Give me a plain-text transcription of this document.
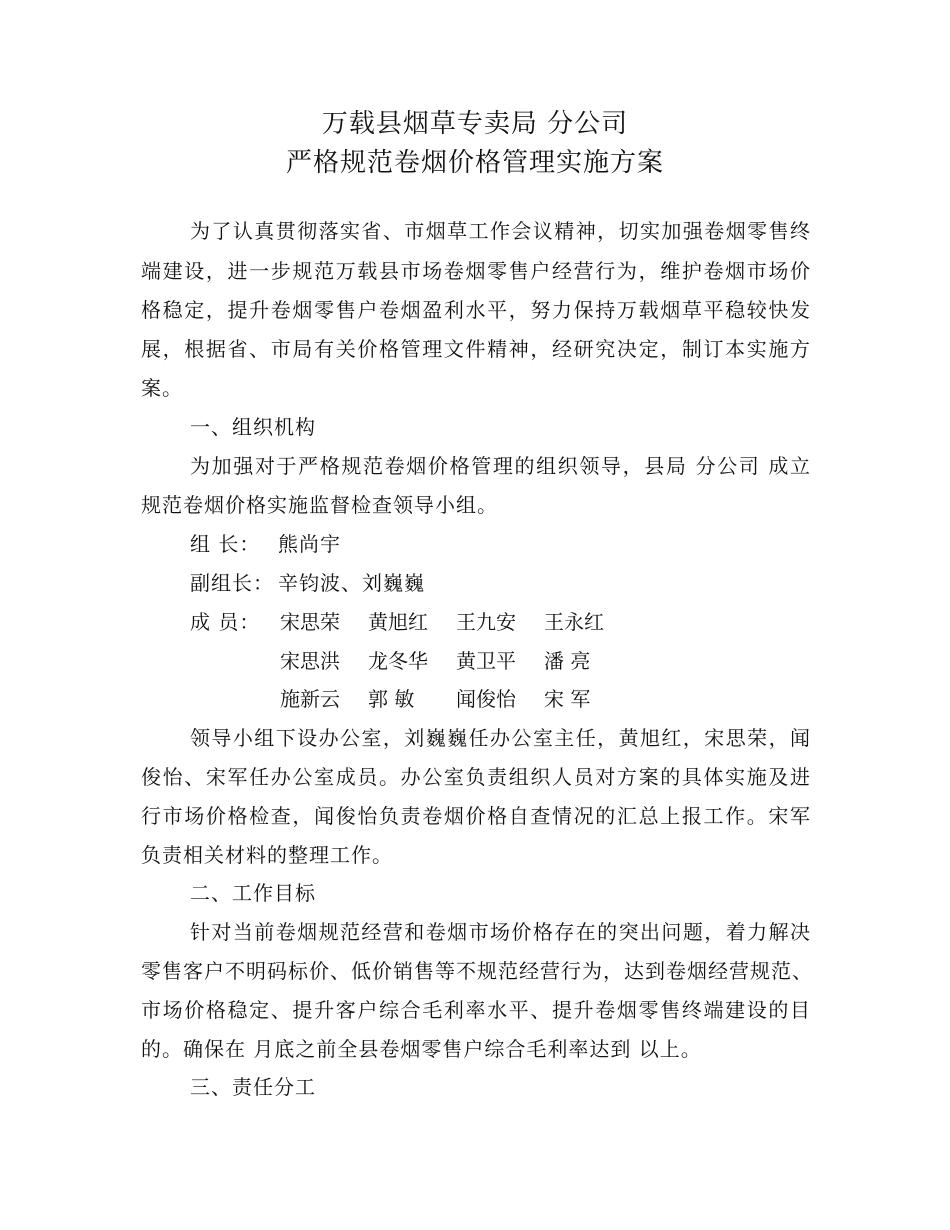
万载县烟草专卖局 分公司
严格规范卷烟价格管理实施方案
为了认真贯彻落实省、市烟草工作会议精神，切实加强卷烟零售终
端建设，进一步规范万载县市场卷烟零售户经营行为，维护卷烟市场价
格稳定，提升卷烟零售户卷烟盈利水平，努力保持万载烟草平稳较快发
展，根据省、市局有关价格管理文件精神，经研究决定，制订本实施方
案。
一、组织机构
为加强对于严格规范卷烟价格管理的组织领导，县局 分公司 成立
规范卷烟价格实施监督检查领导小组。
组 长： 熊尚宇
副组长： 辛钧波、刘巍巍
成 员： 宋思荣 黄旭红 王九安 王永红
宋思洪 龙冬华 黄卫平 潘 亮
施新云 郭 敏 闻俊怡 宋 军
领导小组下设办公室，刘巍巍任办公室主任，黄旭红，宋思荣，闻
俊怡、宋军任办公室成员。办公室负责组织人员对方案的具体实施及进
行市场价格检查，闻俊怡负责卷烟价格自查情况的汇总上报工作。宋军
负责相关材料的整理工作。
二、工作目标
针对当前卷烟规范经营和卷烟市场价格存在的突出问题，着力解决
零售客户不明码标价、低价销售等不规范经营行为，达到卷烟经营规范、
市场价格稳定、提升客户综合毛利率水平、提升卷烟零售终端建设的目
的。确保在 月底之前全县卷烟零售户综合毛利率达到 以上。
三、责任分工
